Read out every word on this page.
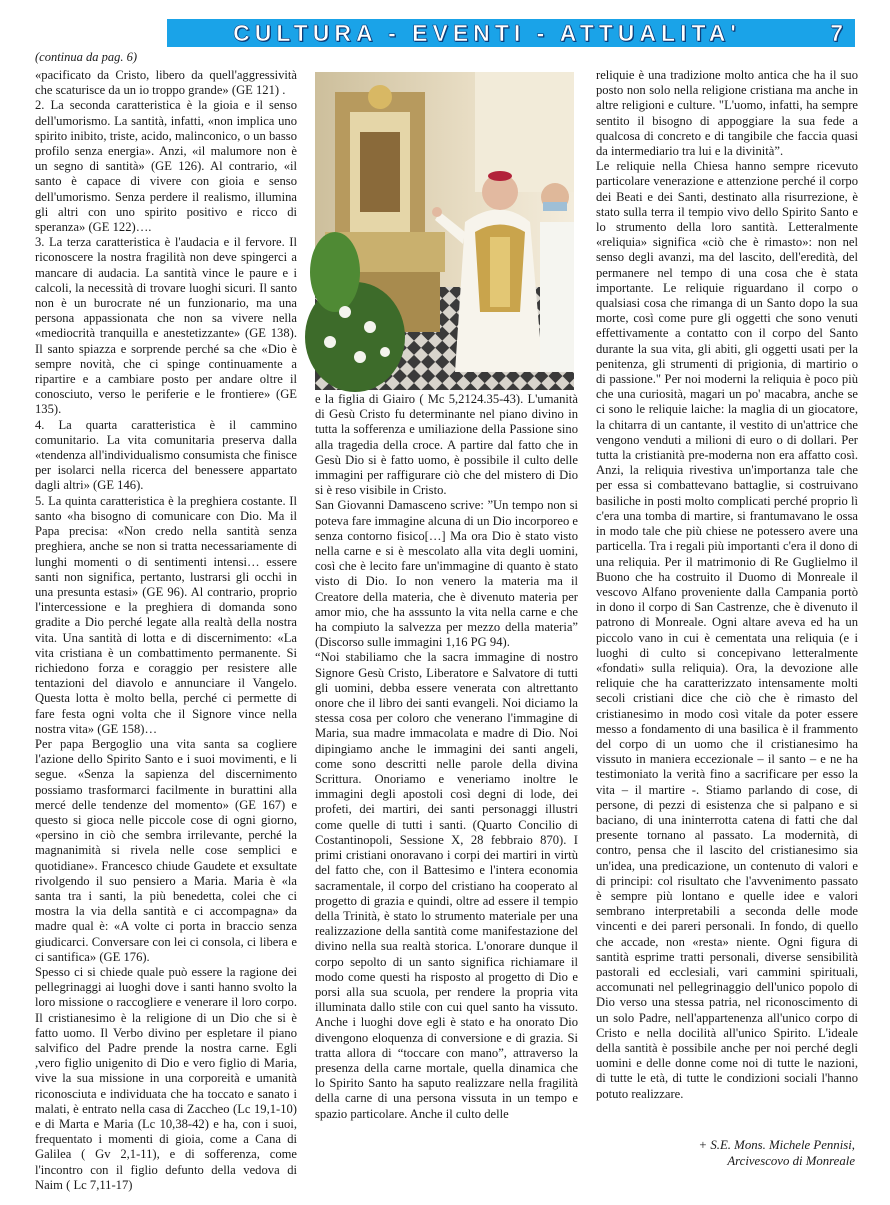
CULTURA - EVENTI - ATTUALITA'	7
(continua da pag. 6)

«pacificato da Cristo, libero da quell'aggressività che scaturisce da un io troppo grande» (GE 121) .

2. La seconda caratteristica è la gioia e il senso dell'umorismo. La santità, infatti, «non implica uno spirito inibito, triste, acido, malinconico, o un basso profilo senza energia». Anzi, «il malumore non è un segno di santità» (GE 126). Al contrario, «il santo è capace di vivere con gioia e senso dell'umorismo. Senza perdere il realismo, illumina gli altri con uno spirito positivo e ricco di speranza» (GE 122)….

3. La terza caratteristica è l'audacia e il fervore. Il riconoscere la nostra fragilità non deve spingerci a mancare di audacia. La santità vince le paure e i calcoli, la necessità di trovare luoghi sicuri. Il santo non è un burocrate né un funzionario, ma una persona appassionata che non sa vivere nella «mediocrità tranquilla e anestetizzante» (GE 138). Il santo spiazza e sorprende perché sa che «Dio è sempre novità, che ci spinge continuamente a ripartire e a cambiare posto per andare oltre il conosciuto, verso le periferie e le frontiere» (GE 135).

4. La quarta caratteristica è il cammino comunitario. La vita comunitaria preserva dalla «tendenza all'individualismo consumista che finisce per isolarci nella ricerca del benessere appartato dagli altri» (GE 146).

5. La quinta caratteristica è la preghiera costante. Il santo «ha bisogno di comunicare con Dio. Ma il Papa precisa: «Non credo nella santità senza preghiera, anche se non si tratta necessariamente di lunghi momenti o di sentimenti intensi… essere santi non significa, pertanto, lustrarsi gli occhi in una presunta estasi» (GE 96). Al contrario, proprio l'intercessione e la preghiera di domanda sono gradite a Dio perché legate alla realtà della nostra vita. Una santità di lotta e di discernimento: «La vita cristiana è un combattimento permanente. Si richiedono forza e coraggio per resistere alle tentazioni del diavolo e annunciare il Vangelo. Questa lotta è molto bella, perché ci permette di fare festa ogni volta che il Signore vince nella nostra vita» (GE 158)…

Per papa Bergoglio una vita santa sa cogliere l'azione dello Spirito Santo e i suoi movimenti, e li segue. «Senza la sapienza del discernimento possiamo trasformarci facilmente in burattini alla mercé delle tendenze del momento» (GE 167) e questo si gioca nelle piccole cose di ogni giorno, «persino in ciò che sembra irrilevante, perché la magnanimità si rivela nelle cose semplici e quotidiane». Francesco chiude Gaudete et exsultate rivolgendo il suo pensiero a Maria. Maria è «la santa tra i santi, la più benedetta, colei che ci mostra la via della santità e ci accompagna» da madre qual è: «A volte ci porta in braccio senza giudicarci. Conversare con lei ci consola, ci libera e ci santifica» (GE 176).

Spesso ci si chiede quale può essere la ragione dei pellegrinaggi ai luoghi dove i santi hanno svolto la loro missione o raccogliere e venerare il loro corpo. Il cristianesimo è la religione di un Dio che si è fatto uomo. Il Verbo divino per espletare il piano salvifico del Padre prende la nostra carne. Egli ,vero figlio unigenito di Dio e vero figlio di Maria, vive la sua missione in una corporeità e umanità riconosciuta e individuata che ha toccato e sanato i malati, è entrato nella casa di Zaccheo (Lc 19,1-10) e di Marta e Maria (Lc 10,38-42) e ha, con i suoi, frequentato i momenti di gioia, come a Cana di Galilea ( Gv 2,1-11), e di sofferenza, come l'incontro con il figlio defunto della vedova di Naim ( Lc 7,11-17)

e la figlia di Giairo ( Mc 5,2124.35-43). L'umanità di Gesù Cristo fu determinante nel piano divino in tutta la sofferenza e umiliazione della Passione sino alla tragedia della croce. A partire dal fatto che in Gesù Dio si è fatto uomo, è possibile il culto delle immagini per raffigurare ciò che del mistero di Dio si è reso visibile in Cristo.

San Giovanni Damasceno scrive: ”Un tempo non si poteva fare immagine alcuna di un Dio incorporeo e senza contorno fisico[…] Ma ora Dio è stato visto nella carne e si è mescolato alla vita degli uomini, così che è lecito fare un'immagine di quanto è stato visto di Dio. Io non venero la materia ma il Creatore della materia, che è divenuto materia per amor mio, che ha asssunto la vita nella carne e che ha compiuto la salvezza per mezzo della materia” (Discorso sulle immagini 1,16 PG 94).

“Noi stabiliamo che la sacra immagine di nostro Signore Gesù Cristo, Liberatore e Salvatore di tutti gli uomini, debba essere venerata con altrettanto onore che il libro dei santi evangeli. Noi diciamo la stessa cosa per coloro che venerano l'immagine di Maria, sua madre immacolata e madre di Dio. Noi dipingiamo anche le immagini dei santi angeli, come sono descritti nelle parole della divina Scrittura. Onoriamo e veneriamo inoltre le immagini degli apostoli così degni di lode, dei profeti, dei martiri, dei santi personaggi illustri come quelle di tutti i santi. (Quarto Concilio di Costantinopoli, Sessione X, 28 febbraio 870). I primi cristiani onoravano i corpi dei martiri in virtù del fatto che, con il Battesimo e l'intera economia sacramentale, il corpo del cristiano ha cooperato al progetto di grazia e quindi, oltre ad essere il tempio della Trinità, è stato lo strumento materiale per una realizzazione della santità come manifestazione del divino nella sua realtà storica. L'onorare dunque il corpo sepolto di un santo significa richiamare il modo come questi ha risposto al progetto di Dio e porsi alla sua scuola, per rendere la propria vita illuminata dallo stile con cui quel santo ha vissuto. Anche i luoghi dove egli è stato e ha onorato Dio divengono eloquenza di conversione e di grazia. Si tratta allora di “toccare con mano”, attraverso la presenza della carne mortale, quella dinamica che lo Spirito Santo ha saputo realizzare nella fragilità della carne di una persona vissuta in un tempo e spazio particolare. Anche il culto delle

reliquie è una tradizione molto antica che ha il suo posto non solo nella religione cristiana ma anche in altre religioni e culture. "L'uomo, infatti, ha sempre sentito il bisogno di appoggiare la sua fede a qualcosa di concreto e di tangibile che faccia quasi da intermediario tra lui e la divinità”.

Le reliquie nella Chiesa hanno sempre ricevuto particolare venerazione e attenzione perché il corpo dei Beati e dei Santi, destinato alla risurrezione, è stato sulla terra il tempio vivo dello Spirito Santo e lo strumento della loro santità. Letteralmente «reliquia» significa «ciò che è rimasto»: non nel senso degli avanzi, ma del lascito, dell'eredità, del permanere nel tempo di una cosa che è stata importante. Le reliquie riguardano il corpo o qualsiasi cosa che rimanga di un Santo dopo la sua morte, così come pure gli oggetti che sono venuti effettivamente a contatto con il corpo del Santo durante la sua vita, gli abiti, gli oggetti usati per la penitenza, gli strumenti di prigionia, di martirio o di passione." Per noi moderni la reliquia è poco più che una curiosità, magari un po' macabra, anche se ci sono le reliquie laiche: la maglia di un giocatore, la chitarra di un cantante, il vestito di un'attrice che vengono venduti a milioni di euro o di dollari. Per tutta la cristianità pre-moderna non era affatto così. Anzi, la reliquia rivestiva un'importanza tale che per essa si combattevano battaglie, si costruivano basiliche in posti molto complicati perché proprio lì c'era una tomba di martire, si frantumavano le ossa in modo tale che più chiese ne potessero avere una particella. Tra i regali più importanti c'era il dono di una reliquia. Per il matrimonio di Re Guglielmo il Buono che ha costruito il Duomo di Monreale il vescovo Alfano proveniente dalla Campania portò in dono il corpo di San Castrenze, che è divenuto il patrono di Monreale. Ogni altare aveva ed ha un piccolo vano in cui è cementata una reliquia (e i luoghi di culto si concepivano letteralmente «fondati» sulla reliquia). Ora, la devozione alle reliquie che ha caratterizzato intensamente molti secoli cristiani dice che ciò che è rimasto del cristianesimo in modo così vitale da poter essere messo a fondamento di una basilica è il frammento del corpo di un uomo che il cristianesimo ha vissuto in maniera eccezionale – il santo – e ne ha testimoniato la verità fino a sacrificare per esso la vita – il martire -. Stiamo parlando di cose, di persone, di pezzi di esistenza che si palpano e si baciano, di una ininterrotta catena di fatti che dal presente tornano al passato. La modernità, di contro, pensa che il lascito del cristianesimo sia un'idea, una predicazione, un contenuto di valori e di principi: col risultato che l'avvenimento passato è sempre più lontano e quelle idee e valori sembrano interpretabili a seconda delle mode vincenti e dei pareri personali. In fondo, di quello che accade, non «resta» niente. Ogni figura di santità esprime tratti personali, diverse sensibilità pastorali ed ecclesiali, vari cammini spirituali, accomunati nel pellegrinaggio dell'unico popolo di Dio verso una stessa patria, nel riconoscimento di un solo Padre, nell'appartenenza all'unico corpo di Cristo e nella docilità all'unico Spirito. L'ideale della santità è possibile anche per noi perché degli uomini e delle donne come noi di tutte le nazioni, di tutte le età, di tutte le condizioni sociali l'hanno potuto realizzare.

+ S.E. Mons. Michele Pennisi,
Arcivescovo di Monreale
